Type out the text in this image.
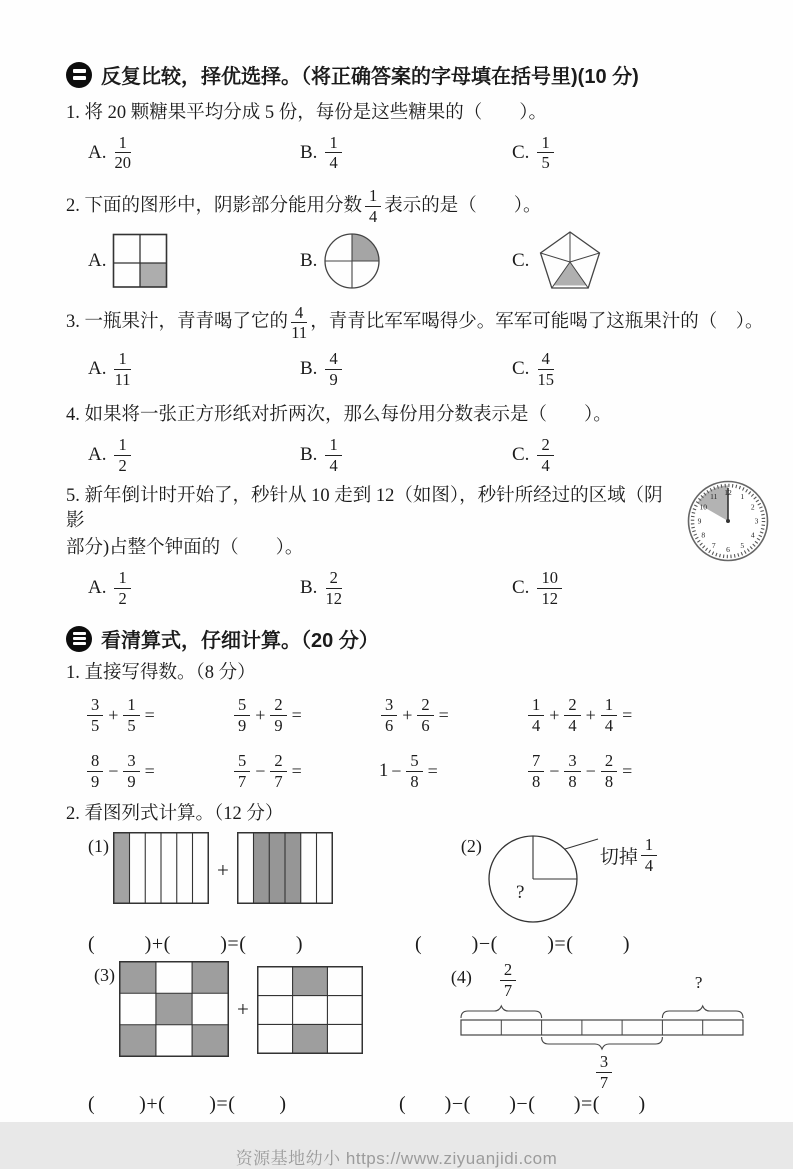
反复比较，择优选择。（将正确答案的字母填在括号里)(10 分)
1. 将 20 颗糖果平均分成 5 份，每份是这些糖果的（　　）。
A. $\frac{1}{20}$	B. $\frac{1}{4}$	C. $\frac{1}{5}$
2. 下面的图形中，阴影部分能用分数 $\frac{1}{4}$ 表示的是（　　）。
A.	B.	C.
3. 一瓶果汁，青青喝了它的 $\frac{4}{11}$ ，青青比军军喝得少。军军可能喝了这瓶果汁的（　）。
A. $\frac{1}{11}$	B. $\frac{4}{9}$	C. $\frac{4}{15}$
4. 如果将一张正方形纸对折两次，那么每份用分数表示是（　　）。
A. $\frac{1}{2}$	B. $\frac{1}{4}$	C. $\frac{2}{4}$
5. 新年倒计时开始了，秒针从 10 走到 12（如图），秒针所经过的区域（阴影
部分)占整个钟面的（　　）。
12 1
2
3
4
5
6
7
8
9
10
11
A. $\frac{1}{2}$	B. $\frac{2}{12}$	C. $\frac{10}{12}$
看清算式，仔细计算。（20 分）
1. 直接写得数。（8 分）
$\frac{3}{5} + \frac{1}{5}$ =	$\frac{5}{9} + \frac{2}{9}$ =	$\frac{3}{6} + \frac{2}{6}$ =	$\frac{1}{4} + \frac{2}{4} + \frac{1}{4}$ =
$\frac{8}{9} - \frac{3}{9}$ =	$\frac{5}{7} - \frac{2}{7}$ =	$1 - \frac{5}{8}$ =	$\frac{7}{8} - \frac{3}{8} - \frac{2}{8}$ =
2. 看图列式计算。（12 分）
(1)
+
(2)
?
切掉 $\frac{1}{4}$
(         )+(         )=(         )	(         )−(         )=(         )
(3)
+
$(4) \frac{2}{7}$	?
$\frac{3}{7}$
(        )+(        )=(        )	(       )−(       )−(       )=(       )
资源基地幼小 https://www.ziyuanjidi.com
